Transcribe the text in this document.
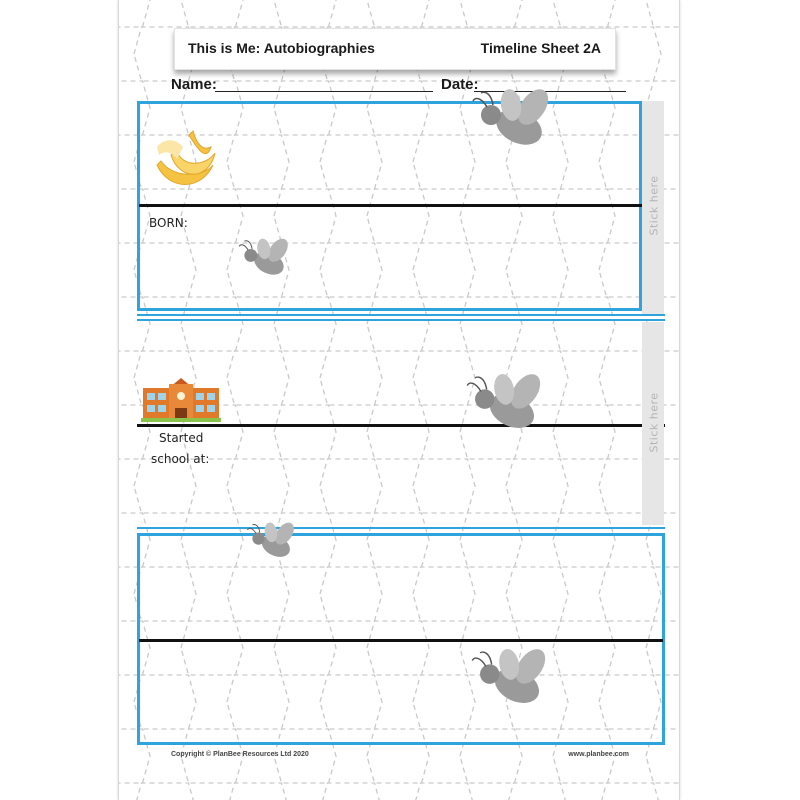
This is Me: Autobiographies	Timeline Sheet 2A
Name:	Date:
BORN:	Stick here
Started
school at:
Stick here
Copyright © PlanBee Resources Ltd 2020	www.planbee.com
